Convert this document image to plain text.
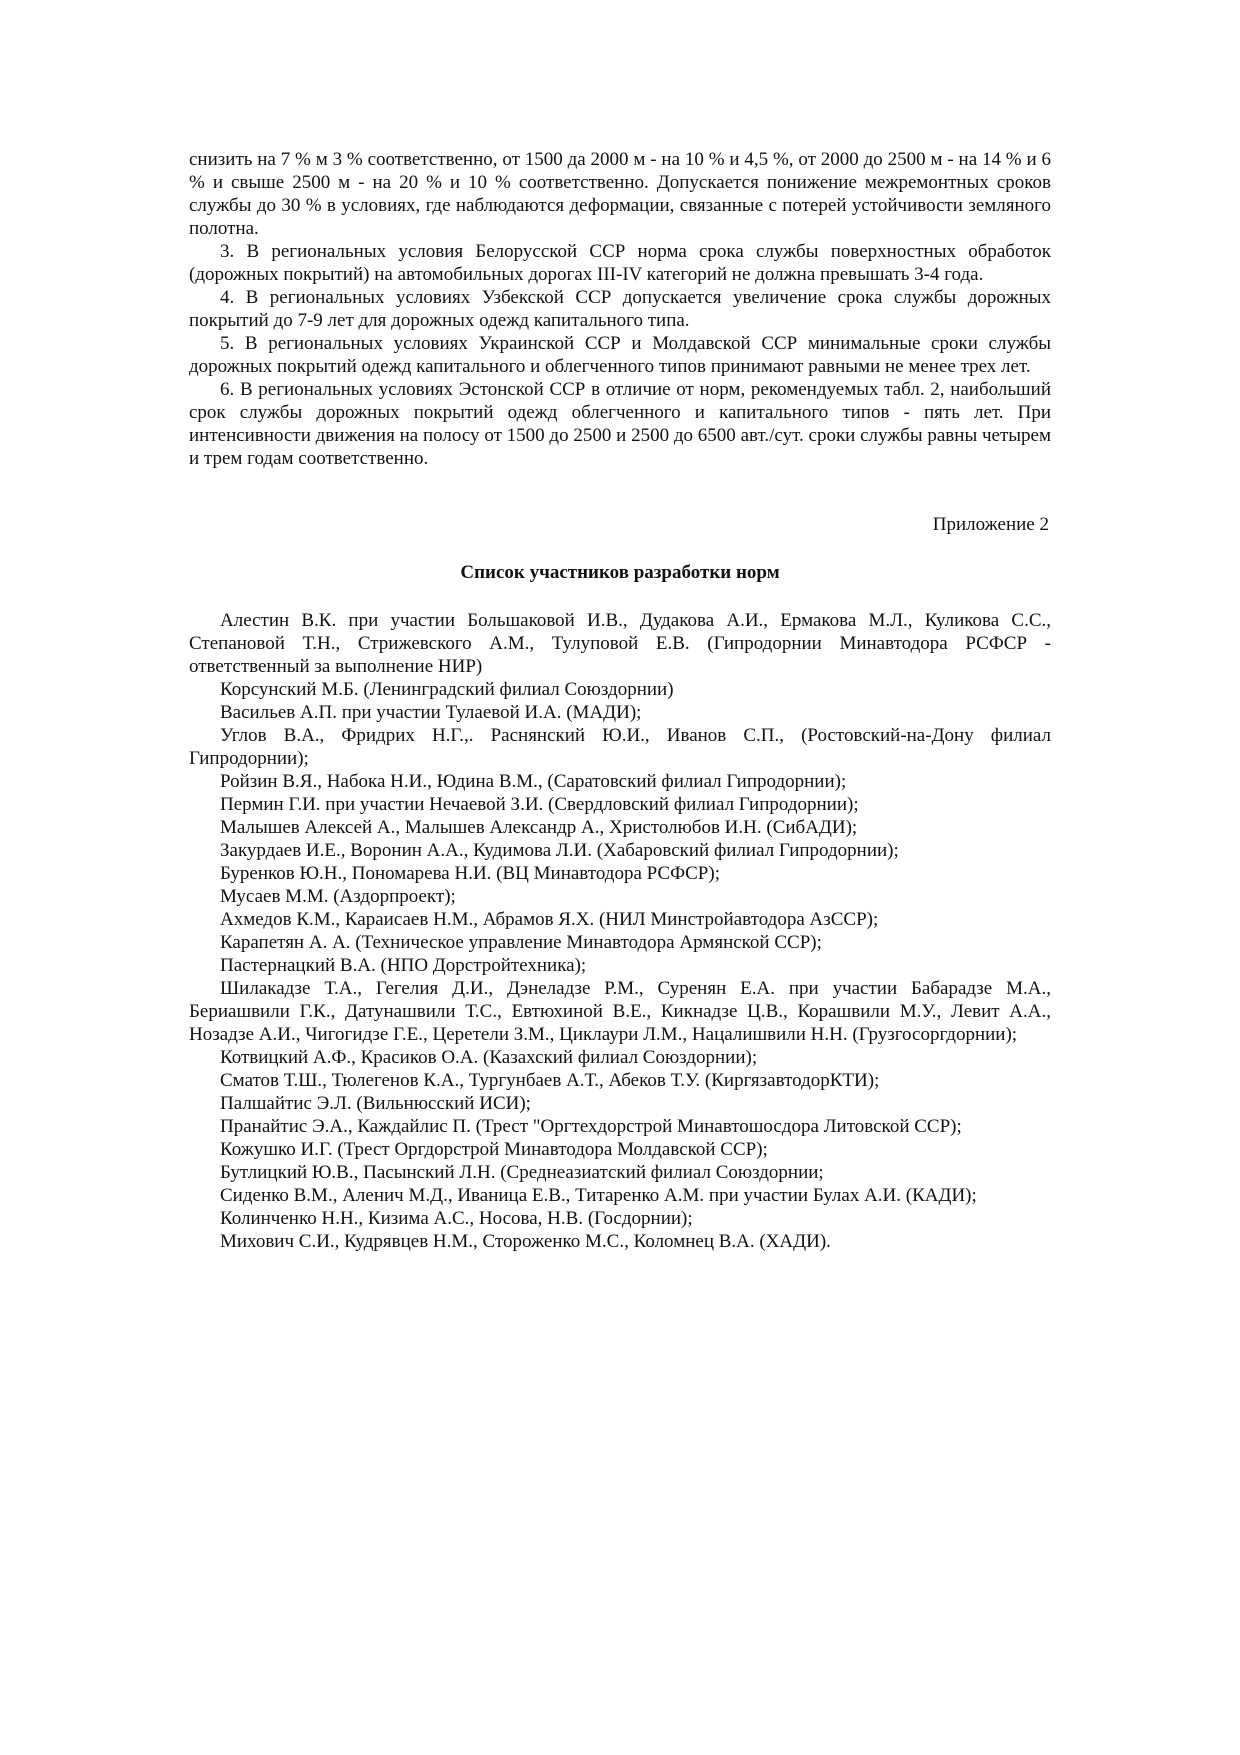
снизить на 7 % м 3 % соответственно, от 1500 да 2000 м - на 10 % и 4,5 %, от 2000 до 2500 м - на 14 % и 6 % и свыше 2500 м - на 20 % и 10 % соответственно. Допускается понижение межремонтных сроков службы до 30 % в условиях, где наблюдаются деформации, связанные с потерей устойчивости земляного полотна.

3. В региональных условия Белорусской ССР норма срока службы поверхностных обработок (дорожных покрытий) на автомобильных дорогах III-IV категорий не должна превышать 3-4 года.

4. В региональных условиях Узбекской ССР допускается увеличение срока службы дорожных покрытий до 7-9 лет для дорожных одежд капитального типа.

5. В региональных условиях Украинской ССР и Молдавской ССР минимальные сроки службы дорожных покрытий одежд капитального и облегченного типов принимают равными не менее трех лет.

6. В региональных условиях Эстонской ССР в отличие от норм, рекомендуемых табл. 2, наибольший срок службы дорожных покрытий одежд облегченного и капитального типов - пять лет. При интенсивности движения на полосу от 1500 до 2500 и 2500 до 6500 авт./сут. сроки службы равны четырем и трем годам соответственно.

Приложение 2

Список участников разработки норм

Алестин В.К. при участии Большаковой И.В., Дудакова А.И., Ермакова М.Л., Куликова С.С., Степановой Т.Н., Стрижевского А.М., Тулуповой Е.В. (Гипродорнии Минавтодора РСФСР - ответственный за выполнение НИР)

Корсунский М.Б. (Ленинградский филиал Союздорнии)

Васильев А.П. при участии Тулаевой И.А. (МАДИ);

Углов В.А., Фридрих Н.Г.,. Раснянский Ю.И., Иванов С.П., (Ростовский-на-Дону филиал Гипродорнии);

Ройзин В.Я., Набока Н.И., Юдина В.М., (Саратовский филиал Гипродорнии);

Пермин Г.И. при участии Нечаевой З.И. (Свердловский филиал Гипродорнии);

Малышев Алексей А., Малышев Александр А., Христолюбов И.Н. (СибАДИ);

Закурдаев И.Е., Воронин А.А., Кудимова Л.И. (Хабаровский филиал Гипродорнии);

Буренков Ю.Н., Пономарева Н.И. (ВЦ Минавтодора РСФСР);

Мусаев М.М. (Аздорпроект);

Ахмедов К.М., Караисаев Н.М., Абрамов Я.Х. (НИЛ Минстройавтодора АзССР);

Карапетян А. А. (Техническое управление Минавтодора Армянской ССР);

Пастернацкий В.А. (НПО Дорстройтехника);

Шилакадзе Т.А., Гегелия Д.И., Дэнеладзе Р.М., Суренян Е.А. при участии Бабарадзе М.А., Бериашвили Г.К., Датунашвили Т.С., Евтюхиной В.Е., Кикнадзе Ц.В., Корашвили М.У., Левит А.А., Нозадзе А.И., Чигогидзе Г.Е., Церетели З.М., Циклаури Л.М., Нацалишвили Н.Н. (Грузгосоргдорнии);

Котвицкий А.Ф., Красиков О.А. (Казахский филиал Союздорнии);

Сматов Т.Ш., Тюлегенов К.А., Тургунбаев А.Т., Абеков Т.У. (КиргязавтодорКТИ);

Палшайтис Э.Л. (Вильнюсский ИСИ);

Пранайтис Э.А., Каждайлис П. (Трест "Оргтехдорстрой Минавтошосдора Литовской ССР);

Кожушко И.Г. (Трест Оргдорстрой Минавтодора Молдавской ССР);

Бутлицкий Ю.В., Пасынский Л.Н. (Среднеазиатский филиал Союздорнии;

Сиденко В.М., Аленич М.Д., Иваница Е.В., Титаренко А.М. при участии Булах А.И. (КАДИ);

Колинченко Н.Н., Кизима А.С., Носова, Н.В. (Госдорнии);

Михович С.И., Кудрявцев Н.М., Стороженко М.С., Коломнец В.А. (ХАДИ).
